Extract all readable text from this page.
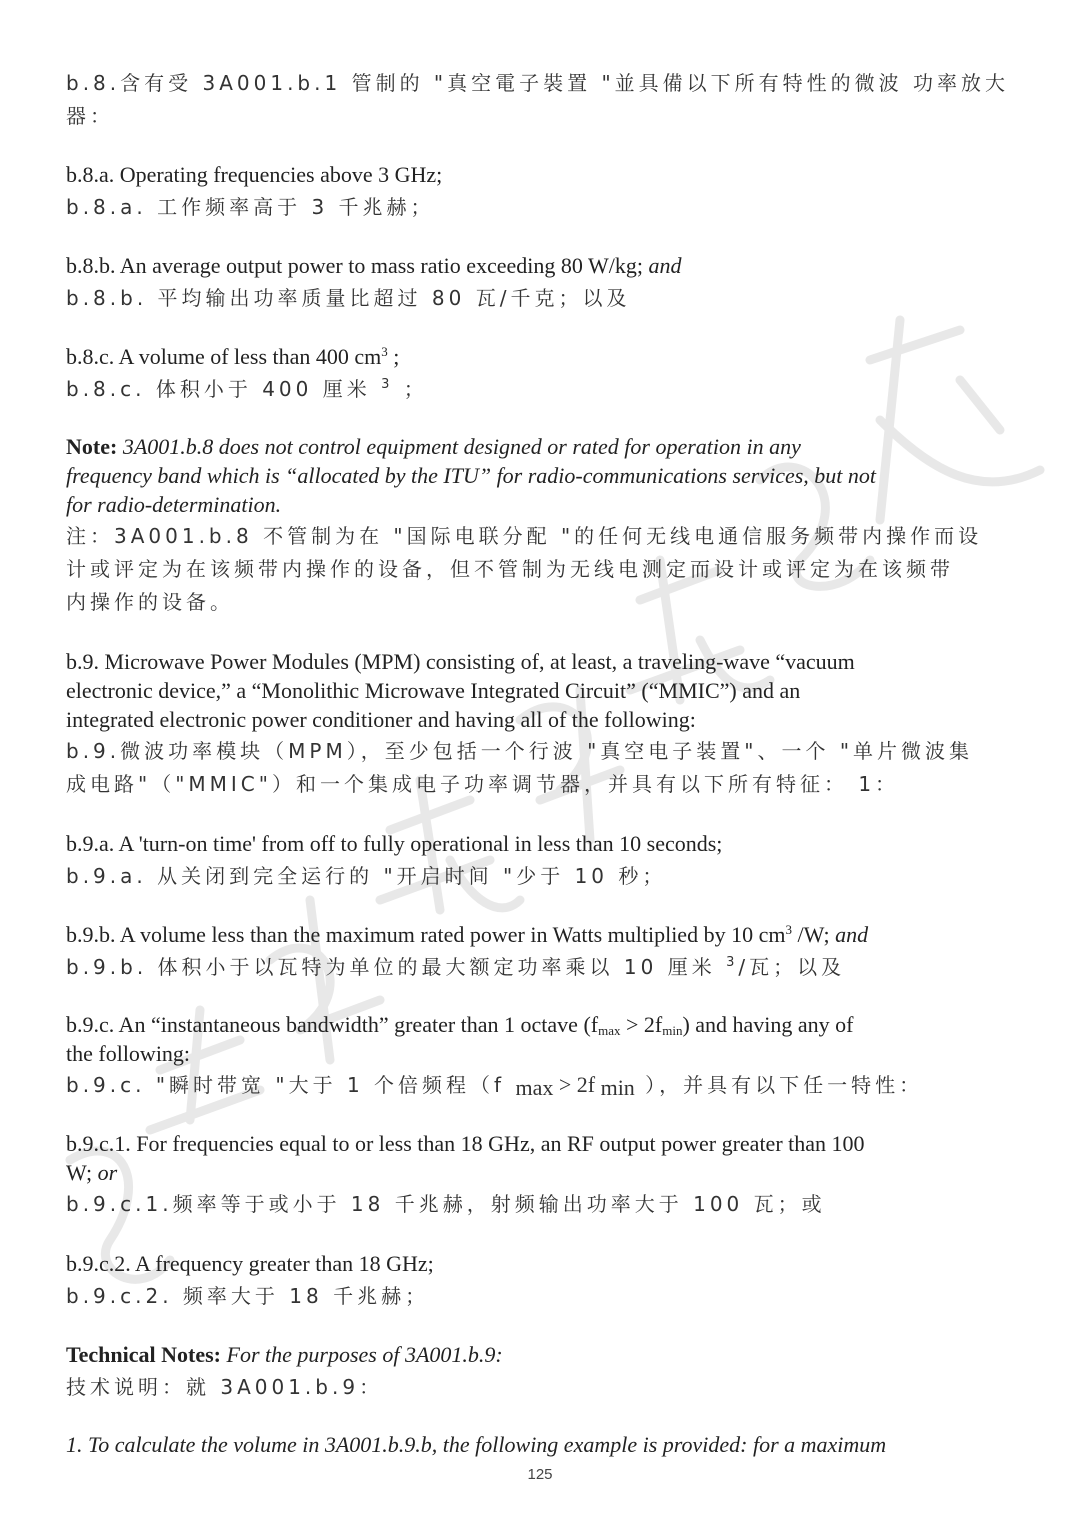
b.8.含有受 3A001.b.1 管制的 "真空電子裝置 "並具備以下所有特性的微波 功率放大
器：
b.8.a. Operating frequencies above 3 GHz;
b.8.a. 工作频率高于 3 千兆赫；
b.8.b. An average output power to mass ratio exceeding 80 W/kg; and
b.8.b. 平均输出功率质量比超过 80 瓦/千克；以及
b.8.c. A volume of less than 400 $cm^3$ ;
b.8.c. 体积小于 400 厘米 $^3$ ；
Note: 3A001.b.8 does not control equipment designed or rated for operation in any
frequency band which is “allocated by the ITU” for radio-communications services, but not
for radio-determination.
注：3A001.b.8 不管制为在 "国际电联分配 "的任何无线电通信服务频带内操作而设
计或评定为在该频带内操作的设备，但不管制为无线电测定而设计或评定为在该频带
内操作的设备。
b.9. Microwave Power Modules (MPM) consisting of, at least, a traveling-wave “vacuum
electronic device,” a “Monolithic Microwave Integrated Circuit” (“MMIC”) and an
integrated electronic power conditioner and having all of the following:
b.9.微波功率模块（MPM），至少包括一个行波 "真空电子装置"、一个 "单片微波集
成电路"（"MMIC"）和一个集成电子功率调节器，并具有以下所有特征： 1：
b.9.a. A 'turn-on time' from off to fully operational in less than 10 seconds;
b.9.a. 从关闭到完全运行的 "开启时间 "少于 10 秒；
b.9.b. A volume less than the maximum rated power in Watts multiplied by 10 $cm^3$ /W; and
b.9.b. 体积小于以瓦特为单位的最大额定功率乘以 10 厘米 $^3$/瓦；以及
b.9.c. An “instantaneous bandwidth” greater than 1 octave $(f_{max} > 2f_{min})$ and having any of
the following:
b.9.c. "瞬时带宽 "大于 1 个倍频程（f $_{max}$ > 2f $_{min}$ ），并具有以下任一特性：
b.9.c.1. For frequencies equal to or less than 18 GHz, an RF output power greater than 100
W; or
b.9.c.1.频率等于或小于 18 千兆赫，射频输出功率大于 100 瓦；或
b.9.c.2. A frequency greater than 18 GHz;
b.9.c.2. 频率大于 18 千兆赫；
Technical Notes: For the purposes of 3A001.b.9:
技术说明：就 3A001.b.9：
1. To calculate the volume in 3A001.b.9.b, the following example is provided: for a maximum
125
